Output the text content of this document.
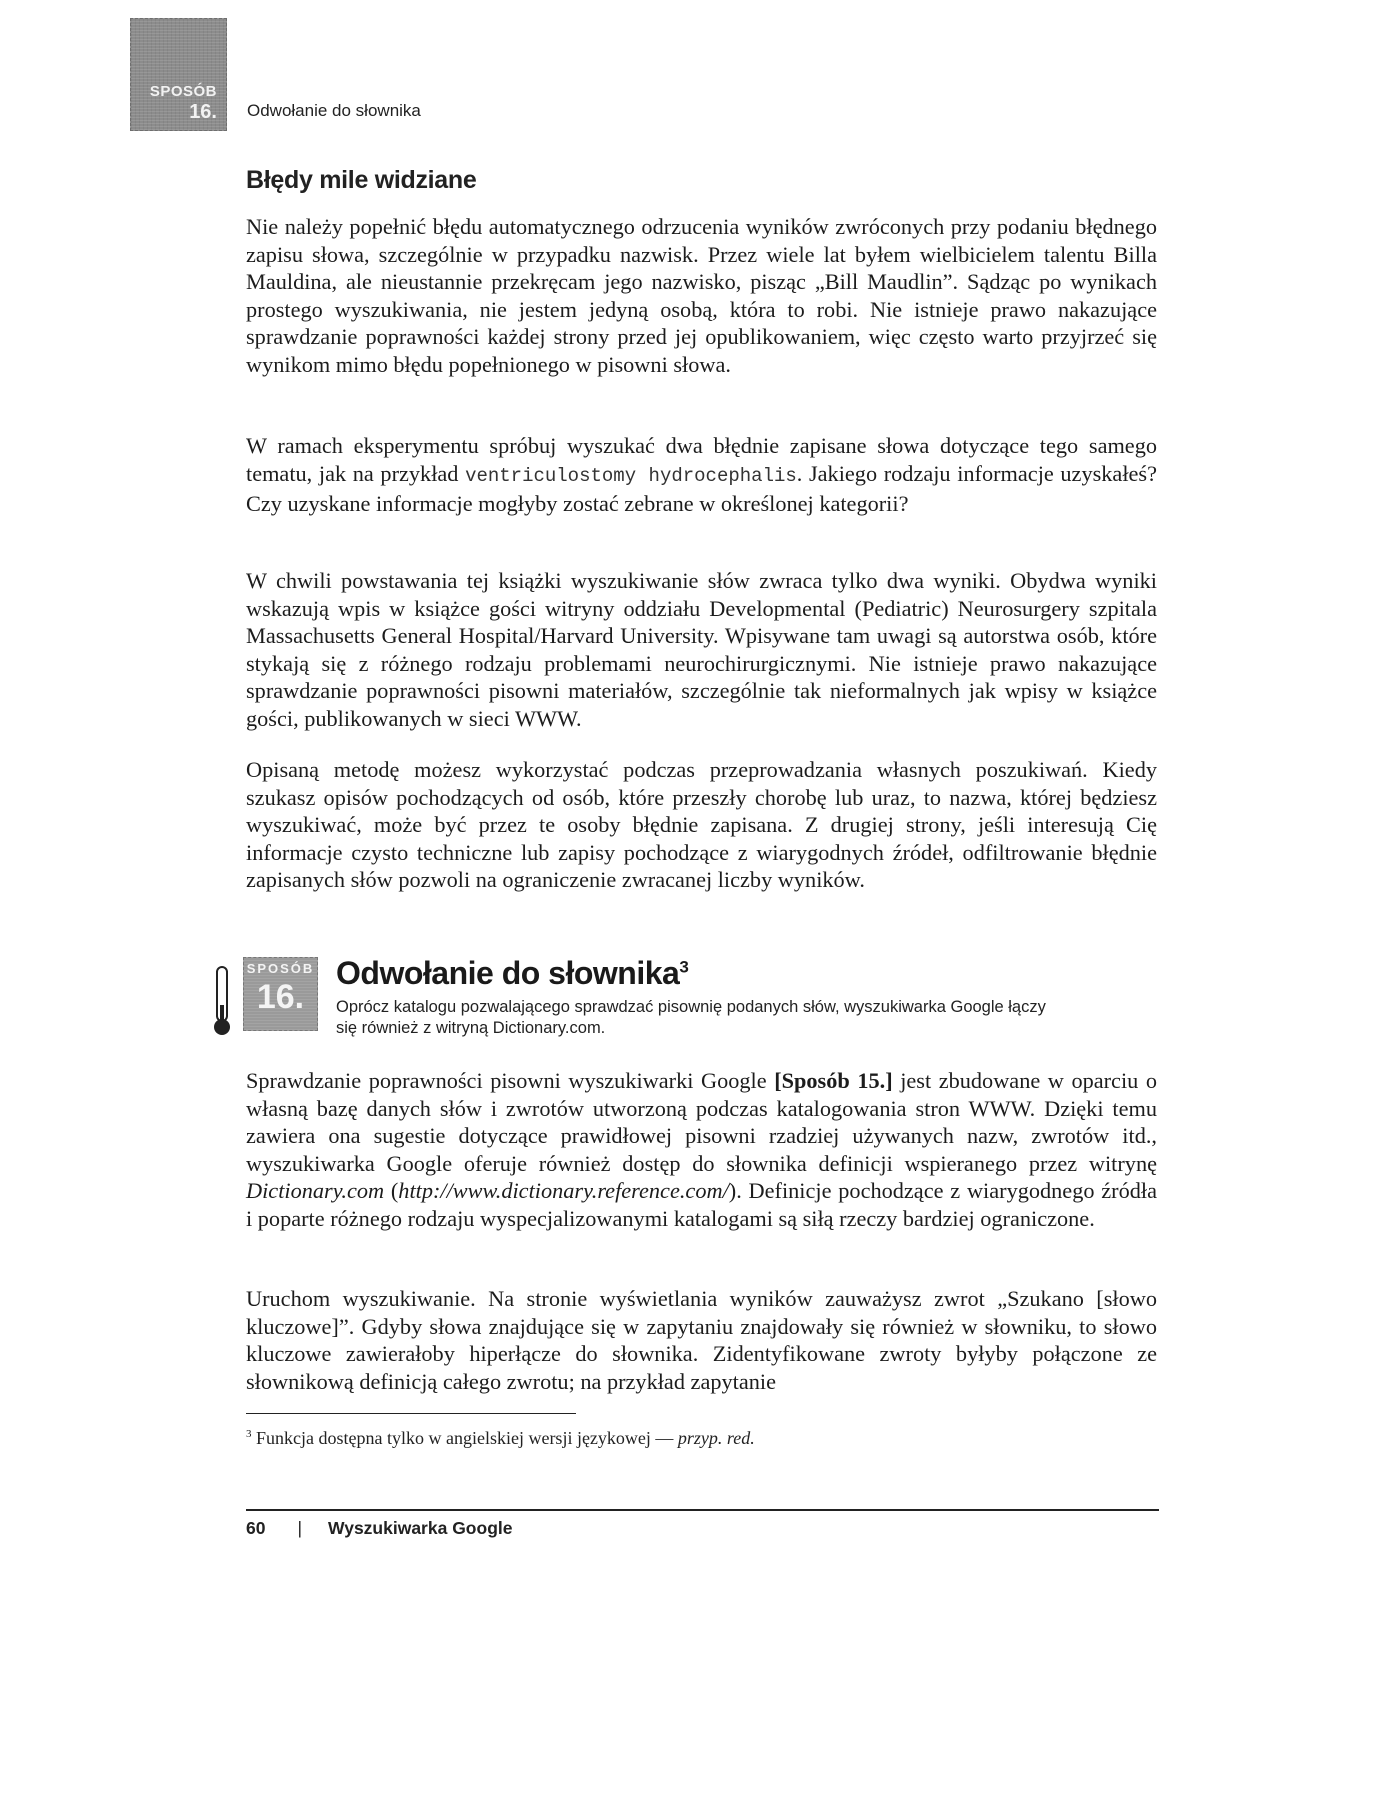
SPOSÓB
16. Odwołanie do słownika
Błędy mile widziane

Nie należy popełnić błędu automatycznego odrzucenia wyników zwróconych przy podaniu błędnego zapisu słowa, szczególnie w przypadku nazwisk. Przez wiele lat byłem wielbicielem talentu Billa Mauldina, ale nieustannie przekręcam jego nazwisko, pisząc „Bill Maudlin”. Sądząc po wynikach prostego wyszukiwania, nie jestem jedyną osobą, która to robi. Nie istnieje prawo nakazujące sprawdzanie poprawności każdej strony przed jej opublikowaniem, więc często warto przyjrzeć się wynikom mimo błędu popełnionego w pisowni słowa.

W ramach eksperymentu spróbuj wyszukać dwa błędnie zapisane słowa dotyczące tego samego tematu, jak na przykład ventriculostomy hydrocephalis. Jakiego rodzaju informacje uzyskałeś? Czy uzyskane informacje mogłyby zostać zebrane w określonej kategorii?

W chwili powstawania tej książki wyszukiwanie słów zwraca tylko dwa wyniki. Obydwa wyniki wskazują wpis w książce gości witryny oddziału Developmental (Pediatric) Neurosurgery szpitala Massachusetts General Hospital/Harvard University. Wpisywane tam uwagi są autorstwa osób, które stykają się z różnego rodzaju problemami neurochirurgicznymi. Nie istnieje prawo nakazujące sprawdzanie poprawności pisowni materiałów, szczególnie tak nieformalnych jak wpisy w książce gości, publikowanych w sieci WWW.

Opisaną metodę możesz wykorzystać podczas przeprowadzania własnych poszukiwań. Kiedy szukasz opisów pochodzących od osób, które przeszły chorobę lub uraz, to nazwa, której będziesz wyszukiwać, może być przez te osoby błędnie zapisana. Z drugiej strony, jeśli interesują Cię informacje czysto techniczne lub zapisy pochodzące z wiarygodnych źródeł, odfiltrowanie błędnie zapisanych słów pozwoli na ograniczenie zwracanej liczby wyników.

SPOSÓB
16.
Odwołanie do słownika$^3$

Oprócz katalogu pozwalającego sprawdzać pisownię podanych słów, wyszukiwarka Google łączy się również z witryną Dictionary.com.

Sprawdzanie poprawności pisowni wyszukiwarki Google [Sposób 15.] jest zbudowane w oparciu o własną bazę danych słów i zwrotów utworzoną podczas katalogowania stron WWW. Dzięki temu zawiera ona sugestie dotyczące prawidłowej pisowni rzadziej używanych nazw, zwrotów itd., wyszukiwarka Google oferuje również dostęp do słownika definicji wspieranego przez witrynę Dictionary.com (http://www.dictionary.reference.com/). Definicje pochodzące z wiarygodnego źródła i poparte różnego rodzaju wyspecjalizowanymi katalogami są siłą rzeczy bardziej ograniczone.

Uruchom wyszukiwanie. Na stronie wyświetlania wyników zauważysz zwrot „Szukano [słowo kluczowe]”. Gdyby słowa znajdujące się w zapytaniu znajdowały się również w słowniku, to słowo kluczowe zawierałoby hiperłącze do słownika. Zidentyfikowane zwroty byłyby połączone ze słownikową definicją całego zwrotu; na przykład zapytanie

$^3$ Funkcja dostępna tylko w angielskiej wersji językowej — przyp. red.

60 | Wyszukiwarka Google
